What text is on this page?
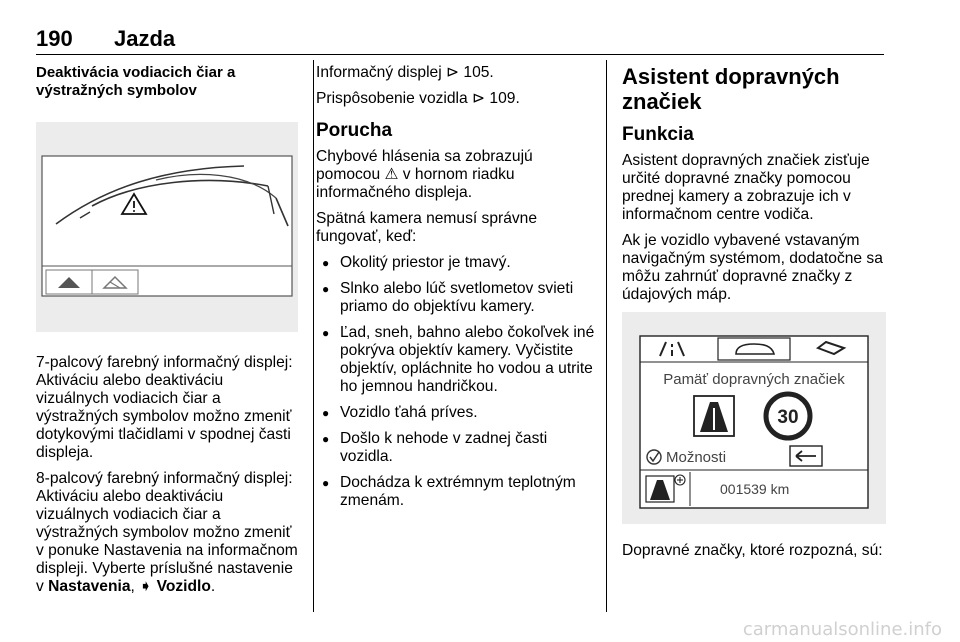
190 Jazda
Deaktivácia vodiacich čiar a výstražných symbolov

7-palcový farebný informačný displej: Aktiváciu alebo deaktiváciu vizuálnych vodiacich čiar a výstražných symbolov možno zmeniť dotykovými tlačidlami v spodnej časti displeja.

8-palcový farebný informačný displej: Aktiváciu alebo deaktiváciu vizuálnych vodiacich čiar a výstražných symbolov možno zmeniť v ponuke Nastavenia na informačnom displeji. Vyberte príslušné nastavenie v Nastavenia, ➧ Vozidlo.

Informačný displej ⊳ 105.

Prispôsobenie vozidla ⊳ 109.

Porucha

Chybové hlásenia sa zobrazujú pomocou ⚠ v hornom riadku informačného displeja.

Spätná kamera nemusí správne fungovať, keď:

● Okolitý priestor je tmavý.
● Slnko alebo lúč svetlometov svieti priamo do objektívu kamery.
● Ľad, sneh, bahno alebo čokoľvek iné pokrýva objektív kamery. Vyčistite objektív, opláchnite ho vodou a utrite ho jemnou handričkou.
● Vozidlo ťahá príves.
● Došlo k nehode v zadnej časti vozidla.
● Dochádza k extrémnym teplotným zmenám.
Asistent dopravných značiek
Funkcia

Asistent dopravných značiek zisťuje určité dopravné značky pomocou prednej kamery a zobrazuje ich v informačnom centre vodiča.

Ak je vozidlo vybavené vstavaným navigačným systémom, dodatočne sa môžu zahrnúť dopravné značky z údajových máp.

Pamäť dopravných značiek
30
Možnosti
001539 km

Dopravné značky, ktoré rozpozná, sú:

carmanualsonline.info
